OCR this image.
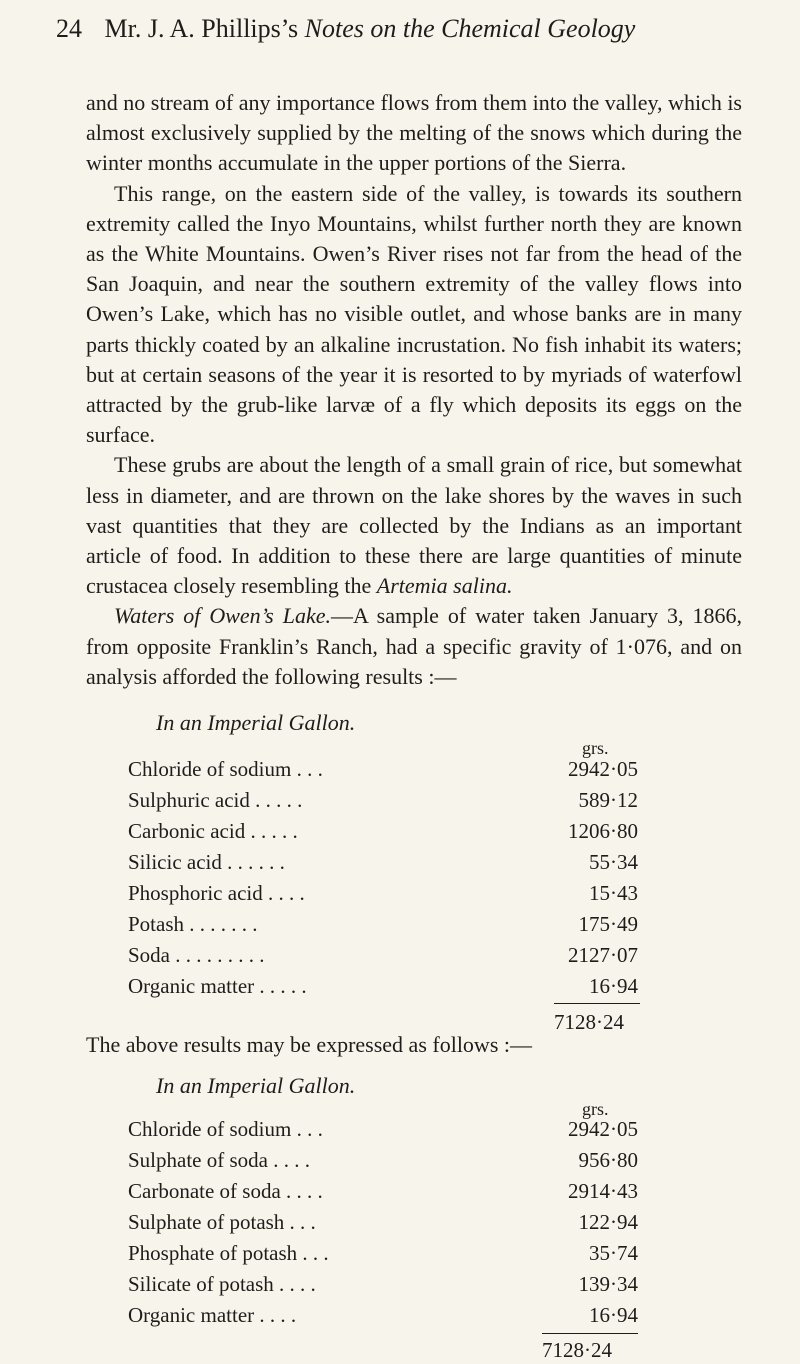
24 Mr. J. A. Phillips’s Notes on the Chemical Geology

and no stream of any importance flows from them into the valley, which is almost exclusively supplied by the melting of the snows which during the winter months accumulate in the upper portions of the Sierra.

This range, on the eastern side of the valley, is towards its southern extremity called the Inyo Mountains, whilst further north they are known as the White Mountains. Owen’s River rises not far from the head of the San Joaquin, and near the southern extremity of the valley flows into Owen’s Lake, which has no visible outlet, and whose banks are in many parts thickly coated by an alkaline incrustation. No fish inhabit its waters; but at certain seasons of the year it is resorted to by myriads of waterfowl attracted by the grub-like larvæ of a fly which deposits its eggs on the surface.

These grubs are about the length of a small grain of rice, but somewhat less in diameter, and are thrown on the lake shores by the waves in such vast quantities that they are collected by the Indians as an important article of food. In addition to these there are large quantities of minute crustacea closely resembling the Artemia salina.

Waters of Owen’s Lake.—A sample of water taken January 3, 1866, from opposite Franklin’s Ranch, had a specific gravity of 1·076, and on analysis afforded the following results :—

In an Imperial Gallon.
grs.
Chloride of sodium . . .	2942·05
Sulphuric acid . . . . .	589·12
Carbonic acid . . . . .	1206·80
Silicic acid . . . . . .	55·34
Phosphoric acid . . . .	15·43
Potash . . . . . . .	175·49
Soda . . . . . . . . .	2127·07
Organic matter . . . . .	16·94
7128·24
The above results may be expressed as follows :—
In an Imperial Gallon.
grs.
Chloride of sodium . . .	2942·05
Sulphate of soda . . . .	956·80
Carbonate of soda . . . .	2914·43
Sulphate of potash . . .	122·94
Phosphate of potash . . .	35·74
Silicate of potash . . . .	139·34
Organic matter . . . .	16·94
7128·24
